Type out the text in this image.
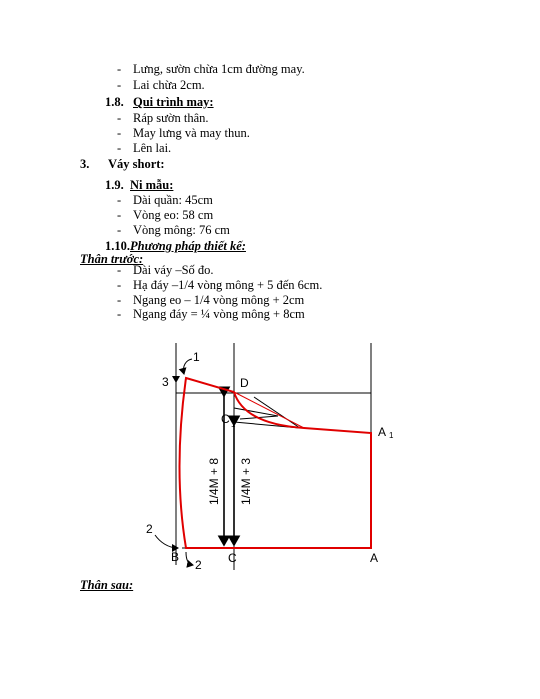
- Lưng, sườn chừa 1cm đường may.
- Lai chừa 2cm.
1.8. Qui trình may:
- Ráp sườn thân.
- May lưng và may thun.
- Lên lai.
3. Váy short:
1.9. Ni mẫu:
- Dài quần: 45cm
- Vòng eo: 58 cm
- Vòng mông: 76 cm
1.10. Phương pháp thiết kế:
Thân trước:
- Dài váy –Số đo.
- Hạ đáy –1/4 vòng mông + 5 đến 6cm.
- Ngang eo – 1/4 vòng mông + 2cm
- Ngang đáy = ¼ vòng mông + 8cm
1
3	D
C 1
A 1
2
B
2 C	A
1/4M + 8 1/4M + 3
Thân sau:
